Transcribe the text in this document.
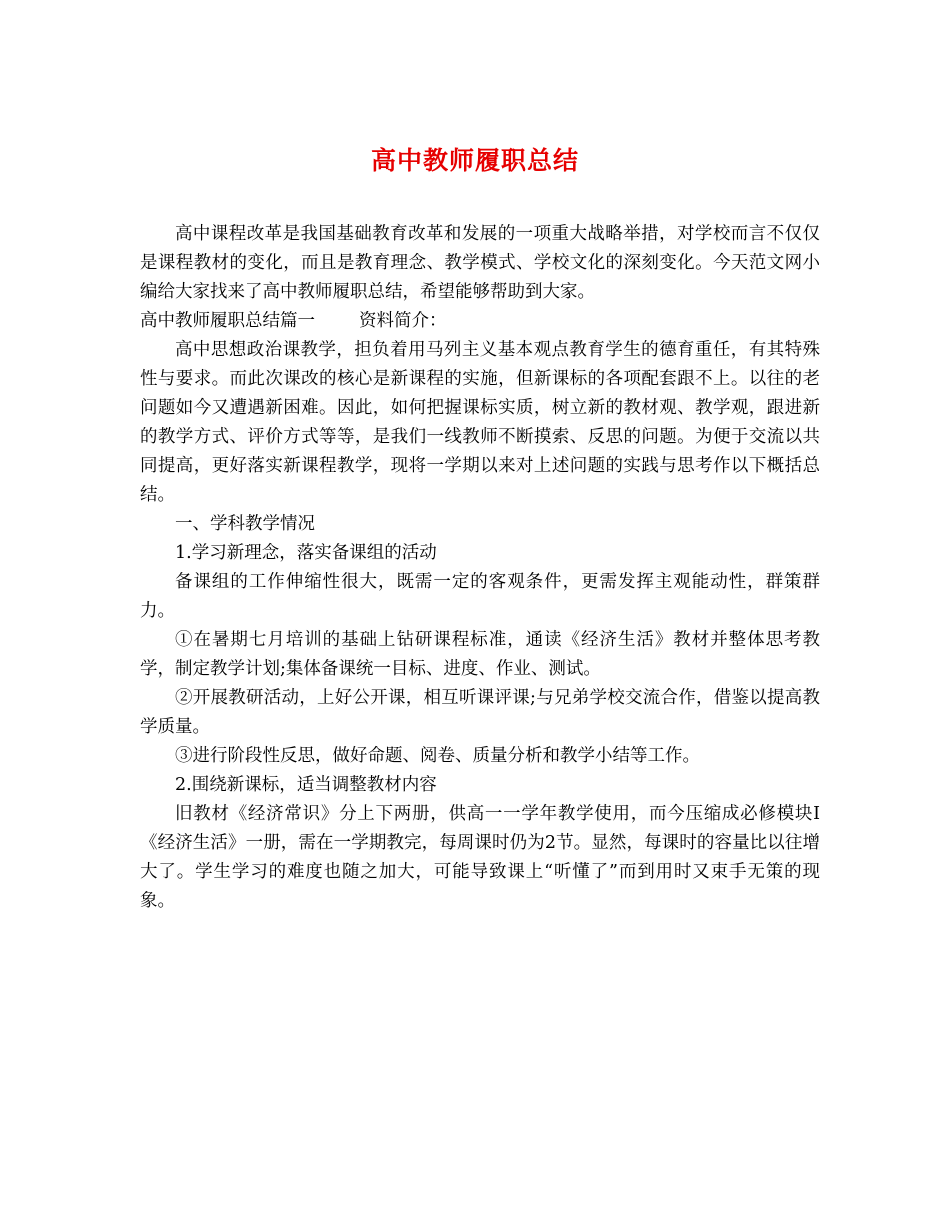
高中教师履职总结

高中课程改革是我国基础教育改革和发展的一项重大战略举措，对学校而言不仅仅是课程教材的变化，而且是教育理念、教学模式、学校文化的深刻变化。今天范文网小编给大家找来了高中教师履职总结，希望能够帮助到大家。

高中教师履职总结篇一	资料简介：

高中思想政治课教学，担负着用马列主义基本观点教育学生的德育重任，有其特殊性与要求。而此次课改的核心是新课程的实施，但新课标的各项配套跟不上。以往的老问题如今又遭遇新困难。因此，如何把握课标实质，树立新的教材观、教学观，跟进新的教学方式、评价方式等等，是我们一线教师不断摸索、反思的问题。为便于交流以共同提高，更好落实新课程教学，现将一学期以来对上述问题的实践与思考作以下概括总结。

一、学科教学情况

1.学习新理念，落实备课组的活动

备课组的工作伸缩性很大，既需一定的客观条件，更需发挥主观能动性，群策群力。

①在暑期七月培训的基础上钻研课程标准，通读《经济生活》教材并整体思考教学，制定教学计划;集体备课统一目标、进度、作业、测试。

②开展教研活动，上好公开课，相互听课评课;与兄弟学校交流合作，借鉴以提高教学质量。

③进行阶段性反思，做好命题、阅卷、质量分析和教学小结等工作。

2.围绕新课标，适当调整教材内容

旧教材《经济常识》分上下两册，供高一一学年教学使用，而今压缩成必修模块Ⅰ《经济生活》一册，需在一学期教完，每周课时仍为2节。显然，每课时的容量比以往增大了。学生学习的难度也随之加大，可能导致课上“听懂了”而到用时又束手无策的现象。
